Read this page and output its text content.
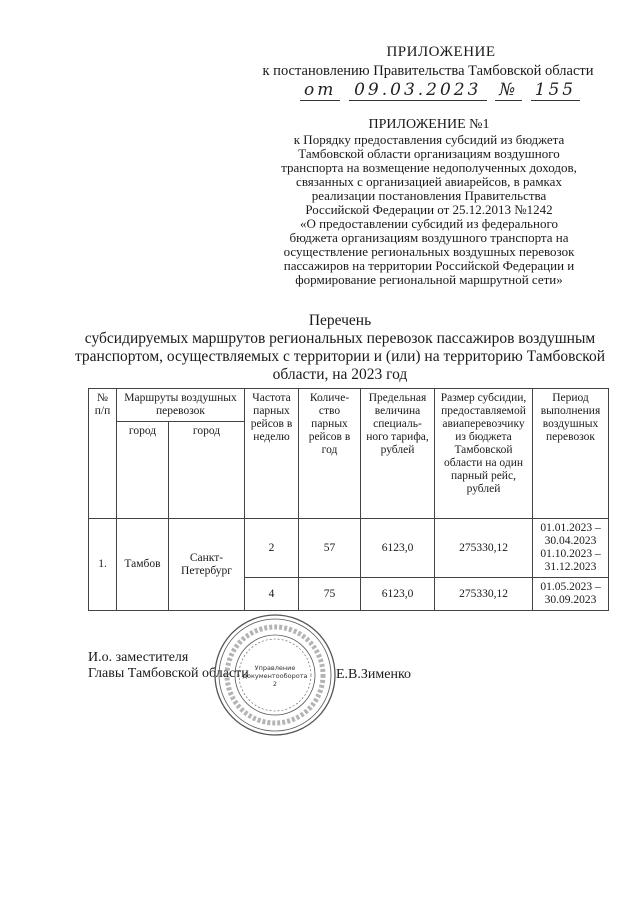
ПРИЛОЖЕНИЕ
к постановлению Правительства Тамбовской области
от 09.03.2023 № 155
ПРИЛОЖЕНИЕ №1
к Порядку предоставления субсидий из бюджета
Тамбовской области организациям воздушного
транспорта на возмещение недополученных доходов,
связанных с организацией авиарейсов, в рамках
реализации постановления Правительства
Российской Федерации от 25.12.2013 №1242
«О предоставлении субсидий из федерального
бюджета организациям воздушного транспорта на
осуществление региональных воздушных перевозок
пассажиров на территории Российской Федерации и
формирование региональной маршрутной сети»
Перечень
субсидируемых маршрутов региональных перевозок пассажиров воздушным
транспортом, осуществляемых с территории и (или) на территорию Тамбовской
области, на 2023 год
№ п/п	Маршруты воздушных перевозок		Частота парных рейсов в неделю	Количе-ство парных рейсов в год	Предельная величина специаль-ного тарифа, рублей	Размер субсидии, предоставляемой авиаперевозчику из бюджета Тамбовской области на один парный рейс, рублей	Период выполнения воздушных перевозок
	город	город					
1.	Тамбов	Санкт-Петербург	2	57	6123,0	275330,12	01.01.2023 – 30.04.2023 01.10.2023 – 31.12.2023
			4	75	6123,0	275330,12	01.05.2023 – 30.09.2023
И.о. заместителя
Главы Тамбовской области	Е.В.Зименко
Управление
документооборота
2
